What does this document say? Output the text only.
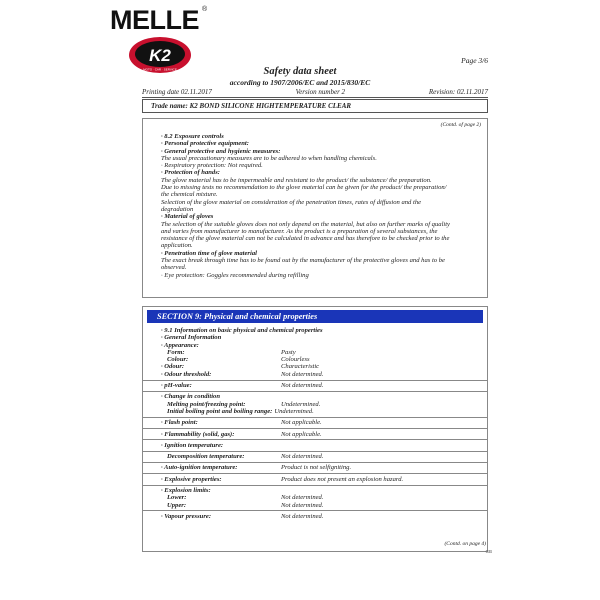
MELLE ®
K2
MOTO · CAR · SERVICE
Page 3/6
Safety data sheet
according to 1907/2006/EC and 2015/830/EC
Printing date 02.11.2017	Version number 2	Revision: 02.11.2017
Trade name: K2 BOND SILICONE HIGHTEMPERATURE CLEAR
(Contd. of page 2)
· 8.2 Exposure controls
· Personal protective equipment:
· General protective and hygienic measures:
The usual precautionary measures are to be adhered to when handling chemicals.
· Respiratory protection: Not required.
· Protection of hands:
The glove material has to be impermeable and resistant to the product/ the substance/ the preparation.
Due to missing tests no recommendation to the glove material can be given for the product/ the preparation/
the chemical mixture.
Selection of the glove material on consideration of the penetration times, rates of diffusion and the
degradation
· Material of gloves
The selection of the suitable gloves does not only depend on the material, but also on further marks of quality
and varies from manufacturer to manufacturer. As the product is a preparation of several substances, the
resistance of the glove material can not be calculated in advance and has therefore to be checked prior to the
application.
· Penetration time of glove material
The exact break through time has to be found out by the manufacturer of the protective gloves and has to be
observed.
· Eye protection: Goggles recommended during refilling
SECTION 9: Physical and chemical properties
· 9.1 Information on basic physical and chemical properties
· General Information
· Appearance:
Form:	Pasty
Colour:	Colourless
· Odour:	Characteristic
· Odour threshold:	Not determined.
· pH-value:	Not determined.
· Change in condition
Melting point/freezing point:	Undetermined.
Initial boiling point and boiling range: Undetermined.
· Flash point:	Not applicable.
· Flammability (solid, gas):	Not applicable.
· Ignition temperature:
Decomposition temperature:	Not determined.
· Auto-ignition temperature:	Product is not selfigniting.
· Explosive properties:	Product does not present an explosion hazard.
· Explosion limits:
Lower:	Not determined.
Upper:	Not determined.
· Vapour pressure:	Not determined.
(Contd. on page 4)
GB
